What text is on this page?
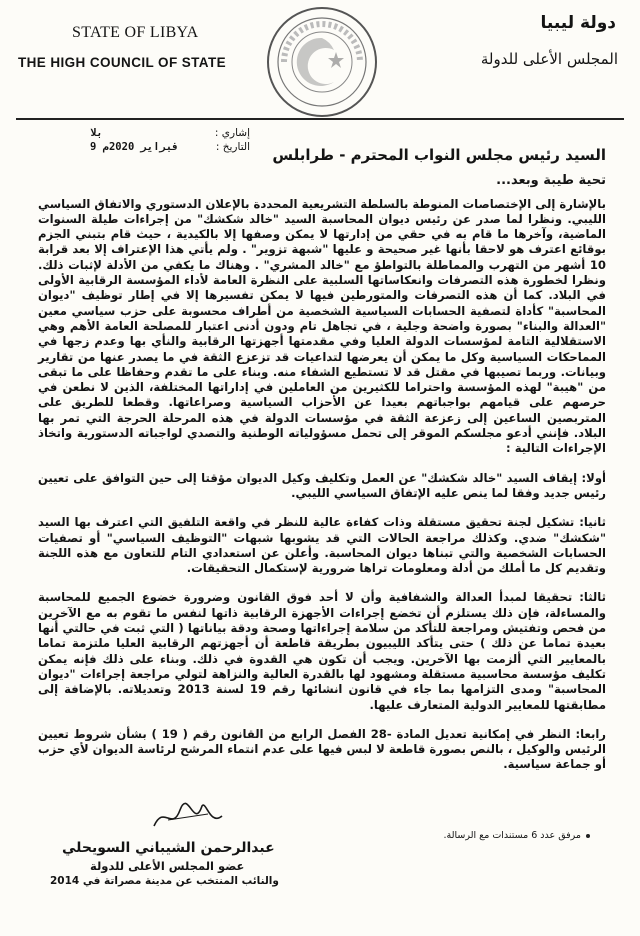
STATE OF LIBYA
THE HIGH COUNCIL OF STATE
دولة ليبيا
المجلس الأعلى للدولة
إشاري :
بلا
التاريخ :
9 فبراير 2020م	السيد رئيس مجلس النواب المحترم - طرابلس

تحية طيبة وبعد...

بالإشارة إلى الإختصاصات المنوطة بالسلطة التشريعية المحددة بالإعلان الدستوري والاتفاق السياسي الليبي. ونظرا لما صدر عن رئيس ديوان المحاسبة السيد "خالد شكشك" من إجراءات طيلة السنوات الماضية، وآخرها ما قام به في حقي من إدارتها لا يمكن وصفها إلا بالكيدية ، حيث قام بتبني الجزم بوقائع اعترف هو لاحقا بأنها غير صحيحة و عليها "شبهة تزوير" . ولم يأتي هذا الإعتراف إلا بعد قرابة 10 أشهر من التهرب والمماطلة بالتواطؤ مع "خالد المشري" . وهناك ما يكفي من الأدلة لإثبات ذلك. ونظرا لخطورة هذه التصرفات وانعكاساتها السلبية على النظرة العامة لأداء المؤسسة الرقابية الأولى في البلاد. كما أن هذه التصرفات والمتورطين فيها لا يمكن تفسيرها إلا في إطار توظيف "ديوان المحاسبة" كأداة لتصفية الحسابات السياسية الشخصية من أطراف محسوبة على حزب سياسي معين "العدالة والبناء" بصورة واضحة وجلية ، في تجاهل تام ودون أدنى اعتبار للمصلحة العامة الأهم وهي الاستقلالية التامة لمؤسسات الدولة العليا وفي مقدمتها أجهزتها الرقابية والنأي بها وعدم زجها في المماحكات السياسية وكل ما يمكن أن يعرضها لتداعيات قد تزعزع الثقة في ما يصدر عنها من تقارير وبيانات. وربما تصيبها في مقتل قد لا تستطيع الشفاء منه. وبناء على ما تقدم وحفاظا على ما تبقى من "هيبة" لهذه المؤسسة واحتراما للكثيرين من العاملين في إداراتها المختلفة، الذين لا نطعن في حرصهم على قيامهم بواجباتهم بعيدا عن الأحزاب السياسية وصراعاتها. وقطعا للطريق على المتربصين الساعين إلى زعزعة الثقة في مؤسسات الدولة في هذه المرحلة الحرجة التي تمر بها البلاد. فإنني أدعو مجلسكم الموقر إلى تحمل مسؤولياته الوطنية والتصدي لواجباته الدستورية واتخاذ الإجراءات التالية :

أولا: إيقاف السيد "خالد شكشك" عن العمل وتكليف وكيل الديوان مؤقتا إلى حين التوافق على تعيين رئيس جديد وفقا لما ينص عليه الإتفاق السياسي الليبي.

ثانيا: تشكيل لجنة تحقيق مستقلة وذات كفاءة عالية للنظر في واقعة التلفيق التي اعترف بها السيد "شكشك" ضدي. وكذلك مراجعة الحالات التي قد يشوبها شبهات "التوظيف السياسي" أو تصفيات الحسابات الشخصية والتي تبناها ديوان المحاسبة. وأعلن عن استعدادي التام للتعاون مع هذه اللجنة وتقديم كل ما أملك من أدلة ومعلومات تراها ضرورية لإستكمال التحقيقات.

ثالثا: تحقيقا لمبدأ العدالة والشفافية وأن لا أحد فوق القانون وضرورة خضوع الجميع للمحاسبة والمساءلة، فإن ذلك يستلزم أن تخضع إجراءات الأجهزة الرقابية ذاتها لنفس ما تقوم به مع الآخرين من فحص وتفتيش ومراجعة للتأكد من سلامة إجراءاتها وصحة ودقة بياناتها ( التي ثبت في حالتي أنها بعيدة تماما عن ذلك ) حتى يتأكد الليبيون بطريقة قاطعة أن أجهزتهم الرقابية العليا ملتزمة تماما بالمعايير التي ألزمت بها الآخرين. ويجب أن تكون هي القدوة في ذلك. وبناء على ذلك فإنه يمكن تكليف مؤسسة محاسبية مستقلة ومشهود لها بالقدرة العالية والنزاهة لتولي مراجعة إجراءات "ديوان المحاسبة" ومدى التزامها بما جاء في قانون انشائها رقم 19 لسنة 2013 وتعديلاته. بالإضافة إلى مطابقتها للمعايير الدولية المتعارف عليها.

رابعا: النظر في إمكانية تعديل المادة -28 الفصل الرابع من القانون رقم ( 19 ) بشأن شروط تعيين الرئيس والوكيل ، بالنص بصورة قاطعة لا لبس فيها على عدم انتماء المرشح لرئاسة الديوان لأي حزب أو جماعة سياسية.

مرفق عدد 6 مستندات مع الرسالة.
عبدالرحمن الشيباني السويحلي
عضو المجلس الأعلى للدولة
والنائب المنتخب عن مدينة مصراتة في 2014
